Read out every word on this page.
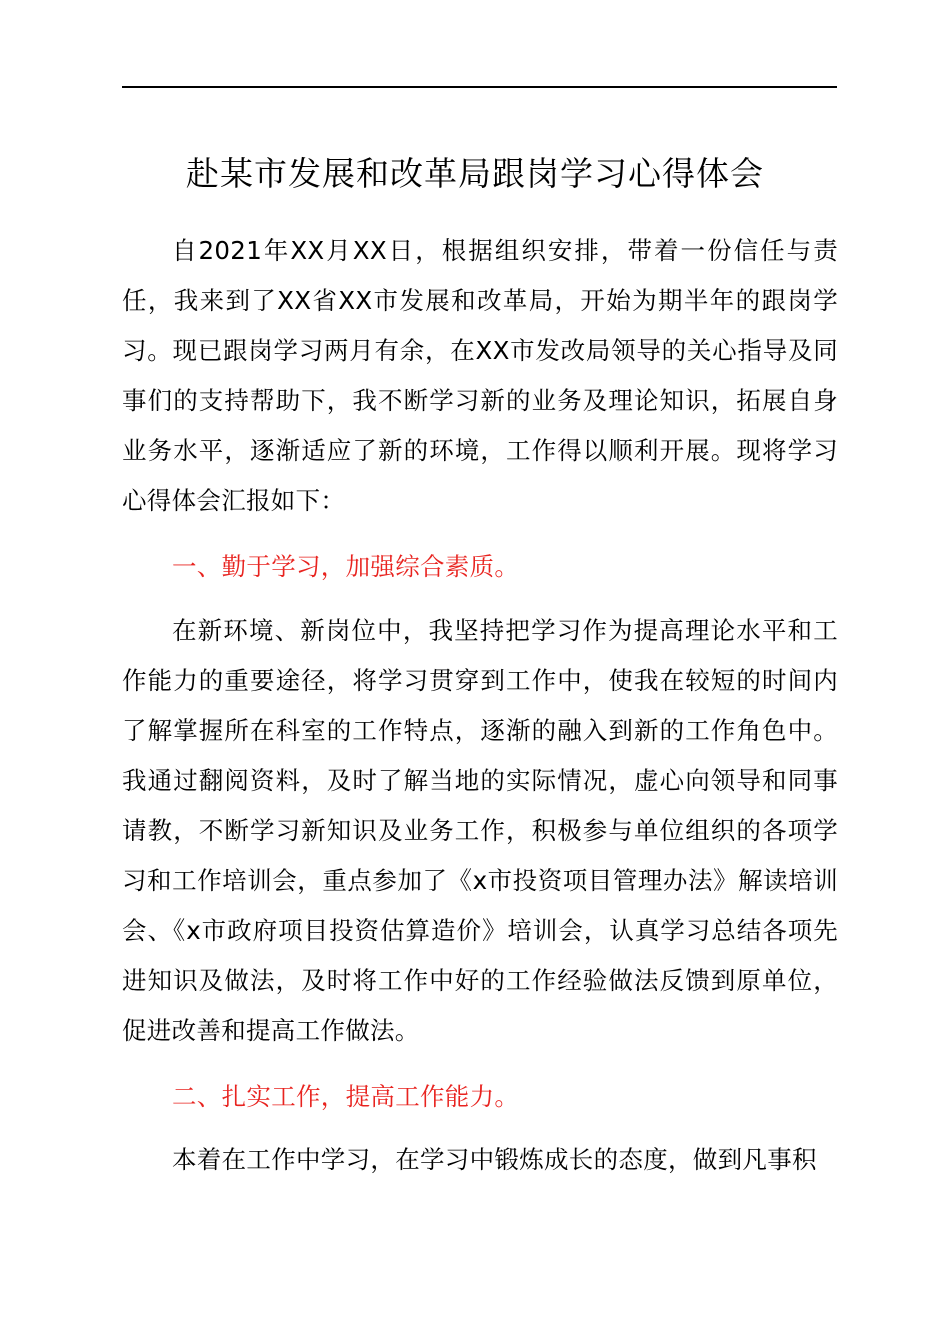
赴某市发展和改革局跟岗学习心得体会

自2021年XX月XX日，根据组织安排，带着一份信任与责任，我来到了XX省XX市发展和改革局，开始为期半年的跟岗学习。现已跟岗学习两月有余，在XX市发改局领导的关心指导及同事们的支持帮助下，我不断学习新的业务及理论知识，拓展自身业务水平，逐渐适应了新的环境，工作得以顺利开展。现将学习心得体会汇报如下：

一、勤于学习，加强综合素质。

在新环境、新岗位中，我坚持把学习作为提高理论水平和工作能力的重要途径，将学习贯穿到工作中，使我在较短的时间内了解掌握所在科室的工作特点，逐渐的融入到新的工作角色中。我通过翻阅资料，及时了解当地的实际情况，虚心向领导和同事请教，不断学习新知识及业务工作，积极参与单位组织的各项学习和工作培训会，重点参加了《x市投资项目管理办法》解读培训会、《x市政府项目投资估算造价》培训会，认真学习总结各项先进知识及做法，及时将工作中好的工作经验做法反馈到原单位，促进改善和提高工作做法。

二、扎实工作，提高工作能力。

本着在工作中学习，在学习中锻炼成长的态度，做到凡事积
